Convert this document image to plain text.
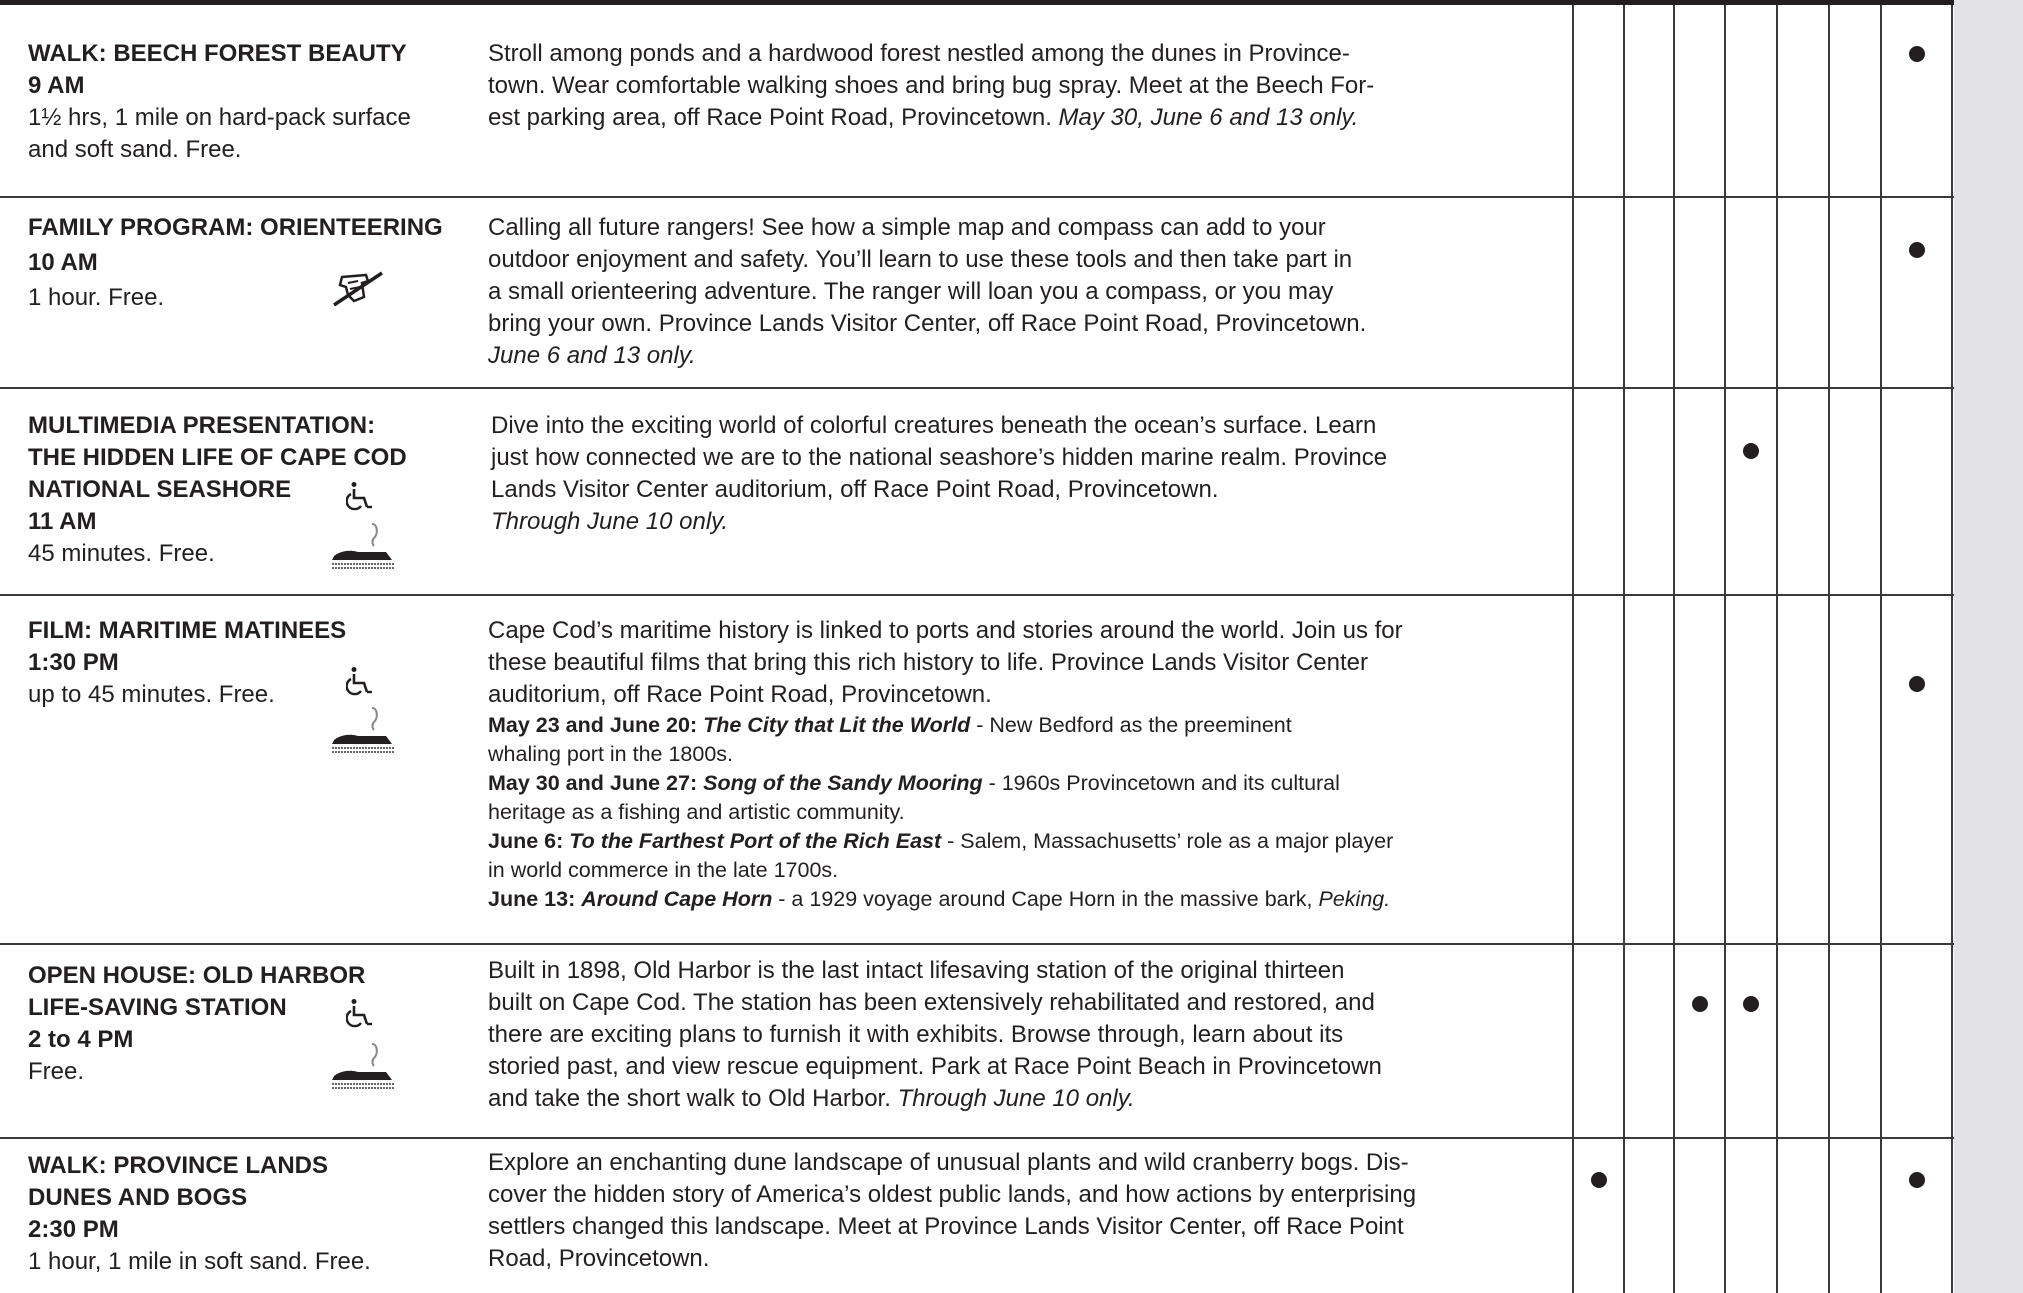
WALK: BEECH FOREST BEAUTY
9 AM
1½ hrs, 1 mile on hard-pack surface
and soft sand. Free.
Stroll among ponds and a hardwood forest nestled among the dunes in Province-
town. Wear comfortable walking shoes and bring bug spray. Meet at the Beech For-
est parking area, off Race Point Road, Provincetown. May 30, June 6 and 13 only.
FAMILY PROGRAM: ORIENTEERING
10 AM
1 hour. Free.
Calling all future rangers! See how a simple map and compass can add to your
outdoor enjoyment and safety. You’ll learn to use these tools and then take part in
a small orienteering adventure. The ranger will loan you a compass, or you may
bring your own. Province Lands Visitor Center, off Race Point Road, Provincetown.
June 6 and 13 only.
MULTIMEDIA PRESENTATION:
THE HIDDEN LIFE OF CAPE COD
NATIONAL SEASHORE
11 AM
45 minutes. Free.
Dive into the exciting world of colorful creatures beneath the ocean’s surface. Learn
just how connected we are to the national seashore’s hidden marine realm. Province
Lands Visitor Center auditorium, off Race Point Road, Provincetown.
Through June 10 only.
FILM: MARITIME MATINEES
1:30 PM
up to 45 minutes. Free.
Cape Cod’s maritime history is linked to ports and stories around the world. Join us for
these beautiful films that bring this rich history to life. Province Lands Visitor Center
auditorium, off Race Point Road, Provincetown.
May 23 and June 20: The City that Lit the World - New Bedford as the preeminent
whaling port in the 1800s.
May 30 and June 27: Song of the Sandy Mooring - 1960s Provincetown and its cultural
heritage as a fishing and artistic community.
June 6: To the Farthest Port of the Rich East - Salem, Massachusetts’ role as a major player
in world commerce in the late 1700s.
June 13: Around Cape Horn - a 1929 voyage around Cape Horn in the massive bark, Peking.
OPEN HOUSE: OLD HARBOR
LIFE-SAVING STATION
2 to 4 PM
Free.
Built in 1898, Old Harbor is the last intact lifesaving station of the original thirteen
built on Cape Cod. The station has been extensively rehabilitated and restored, and
there are exciting plans to furnish it with exhibits. Browse through, learn about its
storied past, and view rescue equipment. Park at Race Point Beach in Provincetown
and take the short walk to Old Harbor. Through June 10 only.
WALK: PROVINCE LANDS
DUNES AND BOGS
2:30 PM
1 hour, 1 mile in soft sand. Free.
Explore an enchanting dune landscape of unusual plants and wild cranberry bogs. Dis-
cover the hidden story of America’s oldest public lands, and how actions by enterprising
settlers changed this landscape. Meet at Province Lands Visitor Center, off Race Point
Road, Provincetown.
